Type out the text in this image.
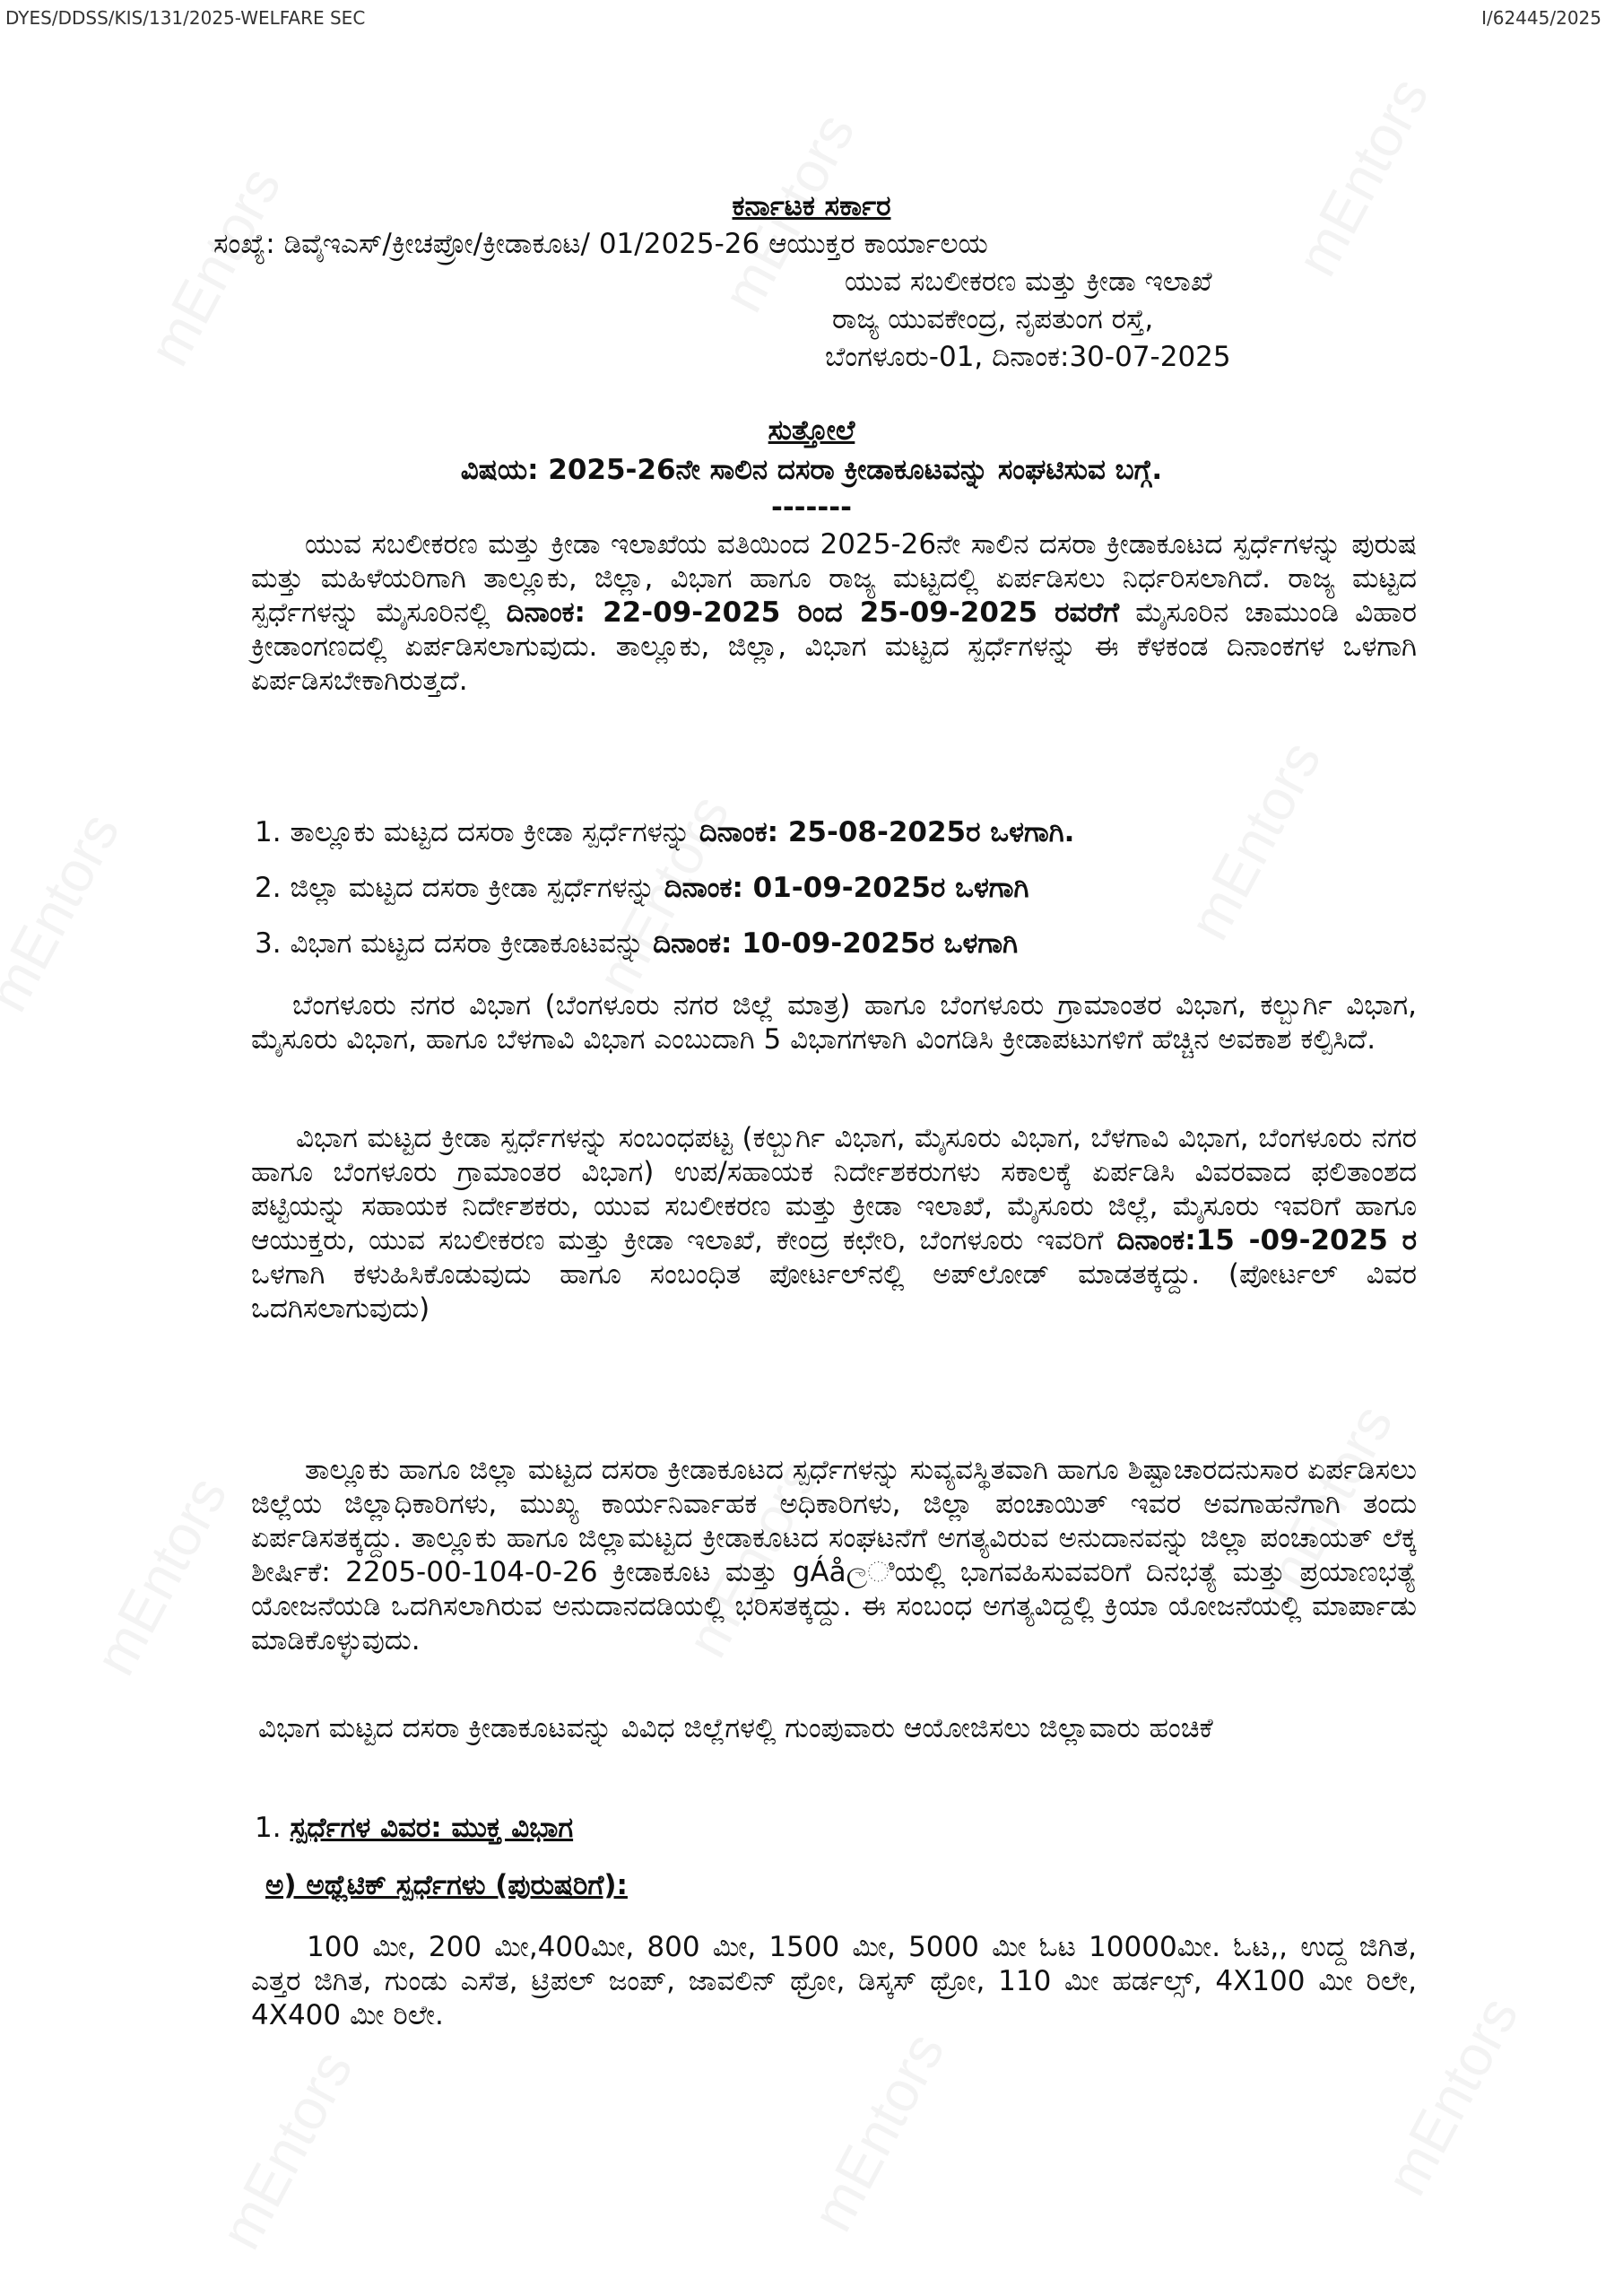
DYES/DDSS/KIS/131/2025-WELFARE SEC	I/62445/2025
ಕರ್ನಾಟಕ ಸರ್ಕಾರ
ಸಂಖ್ಯೆ: ಡಿವೈಇಎಸ್/ಕ್ರೀಚಪ್ರೋ/ಕ್ರೀಡಾಕೂಟ/ 01/2025-26 ಆಯುಕ್ತರ ಕಾರ್ಯಾಲಯ
ಯುವ ಸಬಲೀಕರಣ ಮತ್ತು ಕ್ರೀಡಾ ಇಲಾಖೆ
ರಾಜ್ಯ ಯುವಕೇಂದ್ರ, ನೃಪತುಂಗ ರಸ್ತೆ,
ಬೆಂಗಳೂರು-01, ದಿನಾಂಕ:30-07-2025
ಸುತ್ತೋಲೆ
ವಿಷಯ: 2025-26ನೇ ಸಾಲಿನ ದಸರಾ ಕ್ರೀಡಾಕೂಟವನ್ನು ಸಂಘಟಿಸುವ ಬಗ್ಗೆ.
-------

ಯುವ ಸಬಲೀಕರಣ ಮತ್ತು ಕ್ರೀಡಾ ಇಲಾಖೆಯ ವತಿಯಿಂದ 2025-26ನೇ ಸಾಲಿನ ದಸರಾ ಕ್ರೀಡಾಕೂಟದ ಸ್ಪರ್ಧೆಗಳನ್ನು ಪುರುಷ ಮತ್ತು ಮಹಿಳೆಯರಿಗಾಗಿ ತಾಲ್ಲೂಕು, ಜಿಲ್ಲಾ, ವಿಭಾಗ ಹಾಗೂ ರಾಜ್ಯ ಮಟ್ಟದಲ್ಲಿ ಏರ್ಪಡಿಸಲು ನಿರ್ಧರಿಸಲಾಗಿದೆ. ರಾಜ್ಯ ಮಟ್ಟದ ಸ್ಪರ್ಧೆಗಳನ್ನು ಮೈಸೂರಿನಲ್ಲಿ ದಿನಾಂಕ: 22-09-2025 ರಿಂದ 25-09-2025 ರವರೆಗೆ ಮೈಸೂರಿನ ಚಾಮುಂಡಿ ವಿಹಾರ ಕ್ರೀಡಾಂಗಣದಲ್ಲಿ ಏರ್ಪಡಿಸಲಾಗುವುದು. ತಾಲ್ಲೂಕು, ಜಿಲ್ಲಾ, ವಿಭಾಗ ಮಟ್ಟದ ಸ್ಪರ್ಧೆಗಳನ್ನು ಈ ಕೆಳಕಂಡ ದಿನಾಂಕಗಳ ಒಳಗಾಗಿ ಏರ್ಪಡಿಸಬೇಕಾಗಿರುತ್ತದೆ.

1. ತಾಲ್ಲೂಕು ಮಟ್ಟದ ದಸರಾ ಕ್ರೀಡಾ ಸ್ಪರ್ಧೆಗಳನ್ನು ದಿನಾಂಕ: 25-08-2025ರ ಒಳಗಾಗಿ.
2. ಜಿಲ್ಲಾ ಮಟ್ಟದ ದಸರಾ ಕ್ರೀಡಾ ಸ್ಪರ್ಧೆಗಳನ್ನು ದಿನಾಂಕ: 01-09-2025ರ ಒಳಗಾಗಿ
3. ವಿಭಾಗ ಮಟ್ಟದ ದಸರಾ ಕ್ರೀಡಾಕೂಟವನ್ನು ದಿನಾಂಕ: 10-09-2025ರ ಒಳಗಾಗಿ

ಬೆಂಗಳೂರು ನಗರ ವಿಭಾಗ (ಬೆಂಗಳೂರು ನಗರ ಜಿಲ್ಲೆ ಮಾತ್ರ) ಹಾಗೂ ಬೆಂಗಳೂರು ಗ್ರಾಮಾಂತರ ವಿಭಾಗ, ಕಲ್ಬುರ್ಗಿ ವಿಭಾಗ, ಮೈಸೂರು ವಿಭಾಗ, ಹಾಗೂ ಬೆಳಗಾವಿ ವಿಭಾಗ ಎಂಬುದಾಗಿ 5 ವಿಭಾಗಗಳಾಗಿ ವಿಂಗಡಿಸಿ ಕ್ರೀಡಾಪಟುಗಳಿಗೆ ಹೆಚ್ಚಿನ ಅವಕಾಶ ಕಲ್ಪಿಸಿದೆ.

ವಿಭಾಗ ಮಟ್ಟದ ಕ್ರೀಡಾ ಸ್ಪರ್ಧೆಗಳನ್ನು ಸಂಬಂಧಪಟ್ಟ (ಕಲ್ಬುರ್ಗಿ ವಿಭಾಗ, ಮೈಸೂರು ವಿಭಾಗ, ಬೆಳಗಾವಿ ವಿಭಾಗ, ಬೆಂಗಳೂರು ನಗರ ಹಾಗೂ ಬೆಂಗಳೂರು ಗ್ರಾಮಾಂತರ ವಿಭಾಗ) ಉಪ/ಸಹಾಯಕ ನಿರ್ದೇಶಕರುಗಳು ಸಕಾಲಕ್ಕೆ ಏರ್ಪಡಿಸಿ ವಿವರವಾದ ಫಲಿತಾಂಶದ ಪಟ್ಟಿಯನ್ನು ಸಹಾಯಕ ನಿರ್ದೇಶಕರು, ಯುವ ಸಬಲೀಕರಣ ಮತ್ತು ಕ್ರೀಡಾ ಇಲಾಖೆ, ಮೈಸೂರು ಜಿಲ್ಲೆ, ಮೈಸೂರು ಇವರಿಗೆ ಹಾಗೂ ಆಯುಕ್ತರು, ಯುವ ಸಬಲೀಕರಣ ಮತ್ತು ಕ್ರೀಡಾ ಇಲಾಖೆ, ಕೇಂದ್ರ ಕಛೇರಿ, ಬೆಂಗಳೂರು ಇವರಿಗೆ ದಿನಾಂಕ:15 -09-2025 ರ ಒಳಗಾಗಿ ಕಳುಹಿಸಿಕೊಡುವುದು ಹಾಗೂ ಸಂಬಂಧಿತ ಪೋರ್ಟಲ್‌ನಲ್ಲಿ ಅಪ್‌ಲೋಡ್ ಮಾಡತಕ್ಕದ್ದು. (ಪೋರ್ಟಲ್ ವಿವರ ಒದಗಿಸಲಾಗುವುದು)

ತಾಲ್ಲೂಕು ಹಾಗೂ ಜಿಲ್ಲಾ ಮಟ್ಟದ ದಸರಾ ಕ್ರೀಡಾಕೂಟದ ಸ್ಪರ್ಧೆಗಳನ್ನು ಸುವ್ಯವಸ್ಥಿತವಾಗಿ ಹಾಗೂ ಶಿಷ್ಟಾಚಾರದನುಸಾರ ಏರ್ಪಡಿಸಲು ಜಿಲ್ಲೆಯ ಜಿಲ್ಲಾಧಿಕಾರಿಗಳು, ಮುಖ್ಯ ಕಾರ್ಯನಿರ್ವಾಹಕ ಅಧಿಕಾರಿಗಳು, ಜಿಲ್ಲಾ ಪಂಚಾಯಿತ್ ಇವರ ಅವಗಾಹನೆಗಾಗಿ ತಂದು ಏರ್ಪಡಿಸತಕ್ಕದ್ದು. ತಾಲ್ಲೂಕು ಹಾಗೂ ಜಿಲ್ಲಾಮಟ್ಟದ ಕ್ರೀಡಾಕೂಟದ ಸಂಘಟನೆಗೆ ಅಗತ್ಯವಿರುವ ಅನುದಾನವನ್ನು ಜಿಲ್ಲಾ ಪಂಚಾಯತ್ ಲೆಕ್ಕ ಶೀರ್ಷಿಕೆ: 2205-00-104-0-26 ಕ್ರೀಡಾಕೂಟ ಮತ್ತು gÁåලಿಯಲ್ಲಿ ಭಾಗವಹಿಸುವವರಿಗೆ ದಿನಭತ್ಯೆ ಮತ್ತು ಪ್ರಯಾಣಭತ್ಯೆ ಯೋಜನೆಯಡಿ ಒದಗಿಸಲಾಗಿರುವ ಅನುದಾನದಡಿಯಲ್ಲಿ ಭರಿಸತಕ್ಕದ್ದು. ಈ ಸಂಬಂಧ ಅಗತ್ಯವಿದ್ದಲ್ಲಿ ಕ್ರಿಯಾ ಯೋಜನೆಯಲ್ಲಿ ಮಾರ್ಪಾಡು ಮಾಡಿಕೊಳ್ಳುವುದು.

ವಿಭಾಗ ಮಟ್ಟದ ದಸರಾ ಕ್ರೀಡಾಕೂಟವನ್ನು ವಿವಿಧ ಜಿಲ್ಲೆಗಳಲ್ಲಿ ಗುಂಪುವಾರು ಆಯೋಜಿಸಲು ಜಿಲ್ಲಾವಾರು ಹಂಚಿಕೆ

1. ಸ್ಪರ್ಧೆಗಳ ವಿವರ: ಮುಕ್ತ ವಿಭಾಗ
ಅ) ಅಥ್ಲೆಟಿಕ್ ಸ್ಪರ್ಧೆಗಳು (ಪುರುಷರಿಗೆ):

100 ಮೀ, 200 ಮೀ,400ಮೀ, 800 ಮೀ, 1500 ಮೀ, 5000 ಮೀ ಓಟ 10000ಮೀ. ಓಟ,, ಉದ್ದ ಜಿಗಿತ, ಎತ್ತರ ಜಿಗಿತ, ಗುಂಡು ಎಸೆತ, ಟ್ರಿಪಲ್ ಜಂಪ್, ಜಾವಲಿನ್ ಥ್ರೋ, ಡಿಸ್ಕಸ್ ಥ್ರೋ, 110 ಮೀ ಹರ್ಡಲ್ಸ್, 4X100 ಮೀ ರಿಲೇ, 4X400 ಮೀ ರಿಲೇ.
